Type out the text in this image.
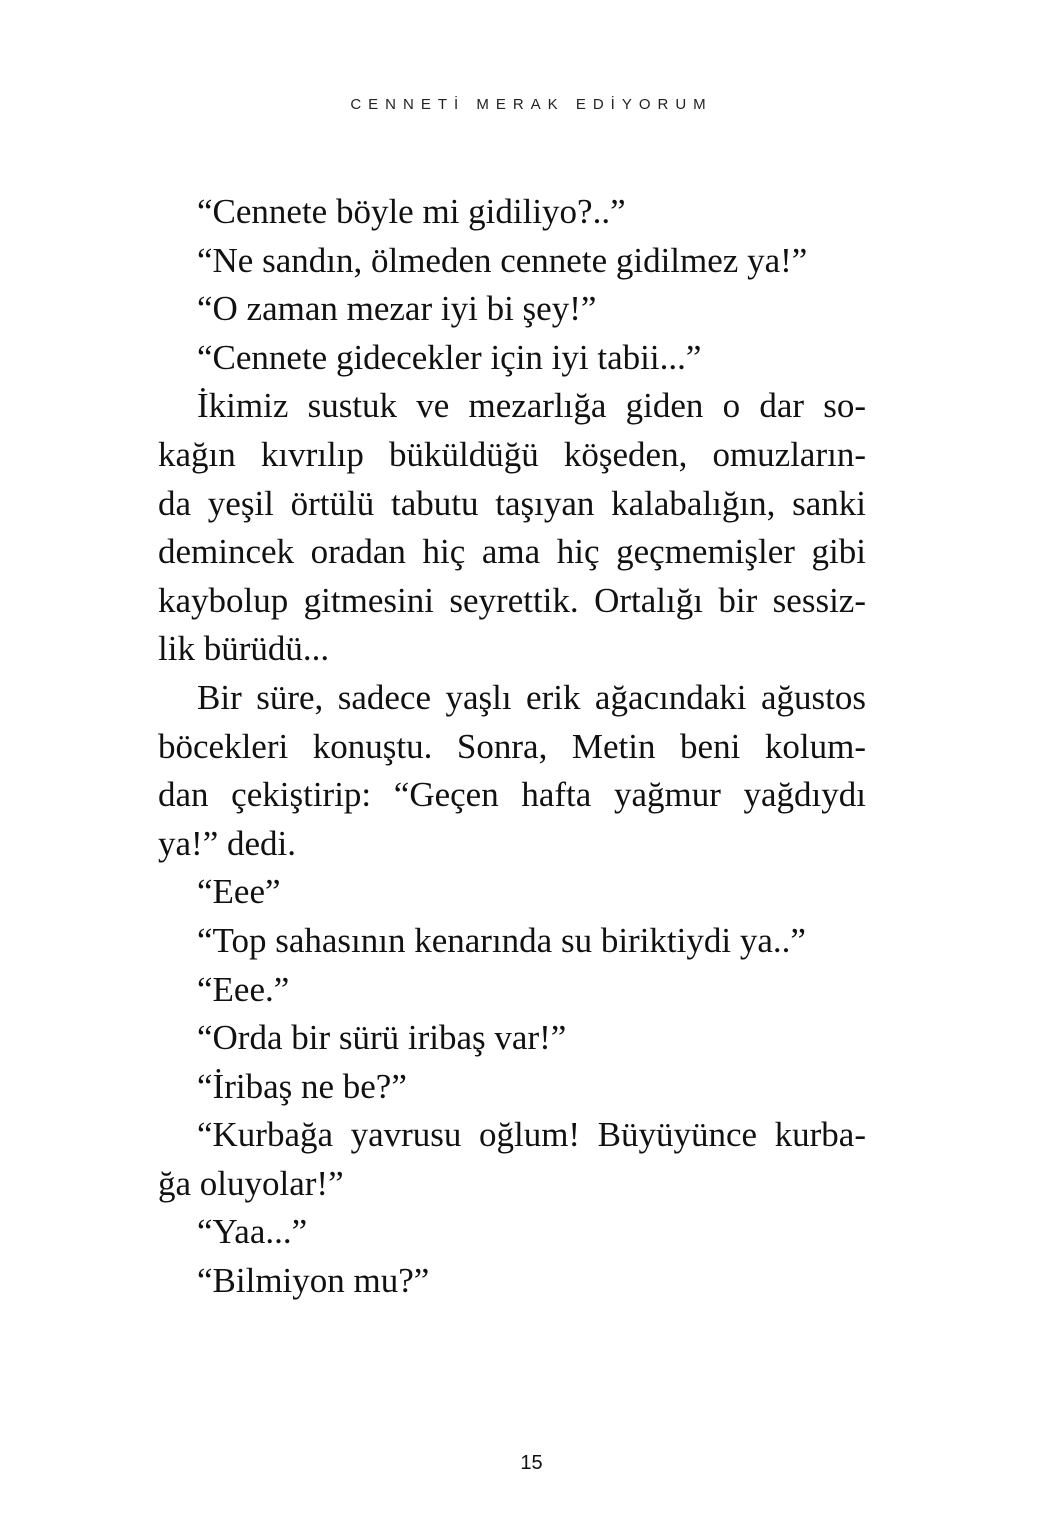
CENNETİ MERAK EDİYORUM
“Cennete böyle mi gidiliyo?..”
“Ne sandın, ölmeden cennete gidilmez ya!”
“O zaman mezar iyi bi şey!”
“Cennete gidecekler için iyi tabii...”
İkimiz sustuk ve mezarlığa giden o dar so-
kağın kıvrılıp büküldüğü köşeden, omuzların-
da yeşil örtülü tabutu taşıyan kalabalığın, sanki
demincek oradan hiç ama hiç geçmemişler gibi
kaybolup gitmesini seyrettik. Ortalığı bir sessiz-
lik bürüdü...
Bir süre, sadece yaşlı erik ağacındaki ağustos
böcekleri konuştu. Sonra, Metin beni kolum-
dan çekiştirip: “Geçen hafta yağmur yağdıydı
ya!” dedi.
“Eee”
“Top sahasının kenarında su biriktiydi ya..”
“Eee.”
“Orda bir sürü iribaş var!”
“İribaş ne be?”
“Kurbağa yavrusu oğlum! Büyüyünce kurba-
ğa oluyolar!”
“Yaa...”
“Bilmiyon mu?”
15
